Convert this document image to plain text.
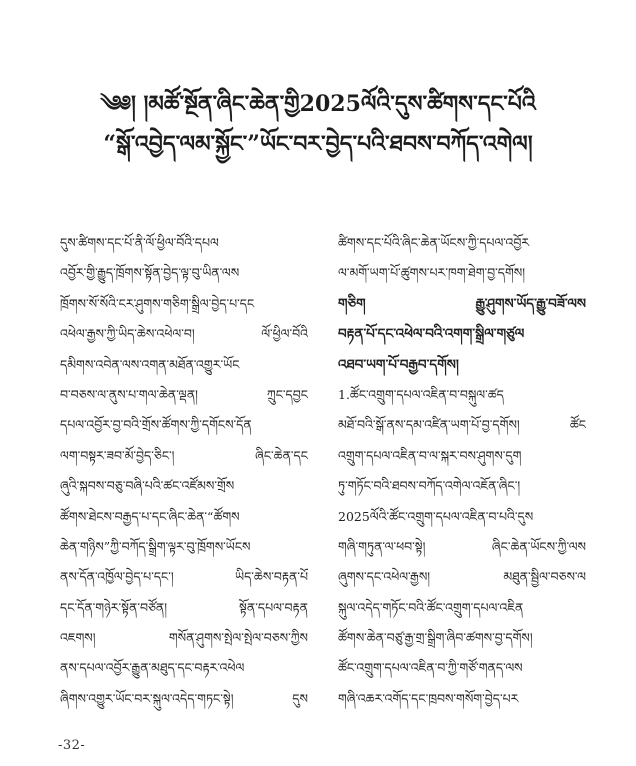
༄༅། །མཚོ་སྔོན་ཞིང་ཆེན་གྱི2025ལོའི་དུས་ཚིགས་དང་པོའི
“སྒོ་འབྱེད་ལམ་སྐྱོང་”ཡོང་བར་བྱེད་པའི་ཐབས་བཀོད་འགེལ།
དུས་ཚིགས་དང་པོ་ནི་ལོ་ཕྱིལ་བོའི་དཔལ
འབྱོར་གྱི་རྒྱུད་ཁྲོགས་སྟོན་བྱེད་ལྟ་བུ་ཡིན་ལས
ཁྲོགས་སོ་སོའི་ངར་ཤུགས་གཅིག་སྒྲིལ་བྱེད་པ་དང
འཕེལ་རྒྱས་ཀྱི་ཡིད་ཆེས་འཕེལ་བ། ལོ་ཕྱིལ་བོའི
དམིགས་འབེན་ལས་འགན་མཐོན་འགྱུར་ཡོང
བ་བཅས་ལ་ནུས་པ་གལ་ཆེན་ལྡན། ཀྲུང་དབྱང
དཔལ་འབྱོར་བྱ་བའི་གྲོས་ཚོགས་ཀྱི་དགོངས་དོན
ལག་བསྟར་ཟབ་མོ་བྱེད་ཅིང་། ཞིང་ཆེན་དང
ཞུའི་སྐབས་བཅུ་བཞི་པའི་ཚང་འཛོམས་གྲོས
ཚོགས་ཐེངས་བརྒྱད་པ་དང་ཞིང་ཆེན་“ཚོགས
ཆེན་གཉིས”ཀྱི་བཀོད་སྒྲིག་ལྟར་བུ་ཁྲོགས་ཡོངས
ནས་དོན་འཁྱོལ་བྱེད་པ་དང་། ཡིད་ཆེས་བརྟན་པོ
དང་དོན་གཉེར་སྟོན་བཙོན། སྟོན་དཔལ་བརྟན
འཇགས། གསོན་ཤུགས་སྤེལ་སྤེལ་བཅས་ཀྱིས
ནས་དཔལ་འབྱོར་རྒྱུན་མཐུད་དང་བརྟར་འཕེལ
ཞིགས་འགྱུར་ཡོང་བར་སྐུལ་འདེད་གཏང་སྟེ། དུས
ཚིགས་དང་པོའི་ཞིང་ཆེན་ཡོངས་ཀྱི་དཔལ་འབྱོར
ལ་མགོ་ཡག་པོ་ཚུགས་པར་ཁག་ཐེག་བྱ་དགོས།
གཅིག རྒྱུ་ཤུགས་ཡོད་རྒྱུ་བཟོ་ལས
བརྟན་པོ་དང་འཕེལ་བའི་འགག་སྒྲིལ་གཙུལ
འཐབ་ཡག་པོ་བརྒྱབ་དགོས།
1.ཚོང་འགྲུག་དཔལ་འཇིན་བ་བསྐུལ་ཚད
མཐོ་བའི་སྒོ་ནས་དམ་འཛིན་ཡག་པོ་བྱ་དགོས། ཚོང
འགྲུག་དཔལ་འཇིན་བ་ལ་སྐར་བས་ཤུགས་དུག
ཏུ་གཏོང་བའི་ཐབས་བཀོད་འགེལ་འཇོན་ཞིང་།
2025ལོའི་ཚོང་འགྲུག་དཔལ་འཇིན་བ་པའི་དུས
གཞི་གཏུན་ལ་ཕབ་སྟེ། ཞིང་ཆེན་ཡོངས་ཀྱི་ལས
ཞུགས་དང་འཕེལ་རྒྱས། མཐུན་སྦྱིལ་བཅས་ལ
སྐུལ་འདེད་གཏོང་བའི་ཚོང་འགྲུག་དཔལ་འཇིན
ཚོགས་ཆེན་བཙུ་རྒྱ་གྲ་སྒྲིག་ཞིབ་ཚགས་བྱ་དགོས།
ཚོང་འགྲུག་དཔལ་འཇིན་བ་ཀྱི་གཙོ་གནད་ལས
གཞི་འཆར་འགོད་དང་ཁྲབས་གསོག་བྱེད་པར
-32-
